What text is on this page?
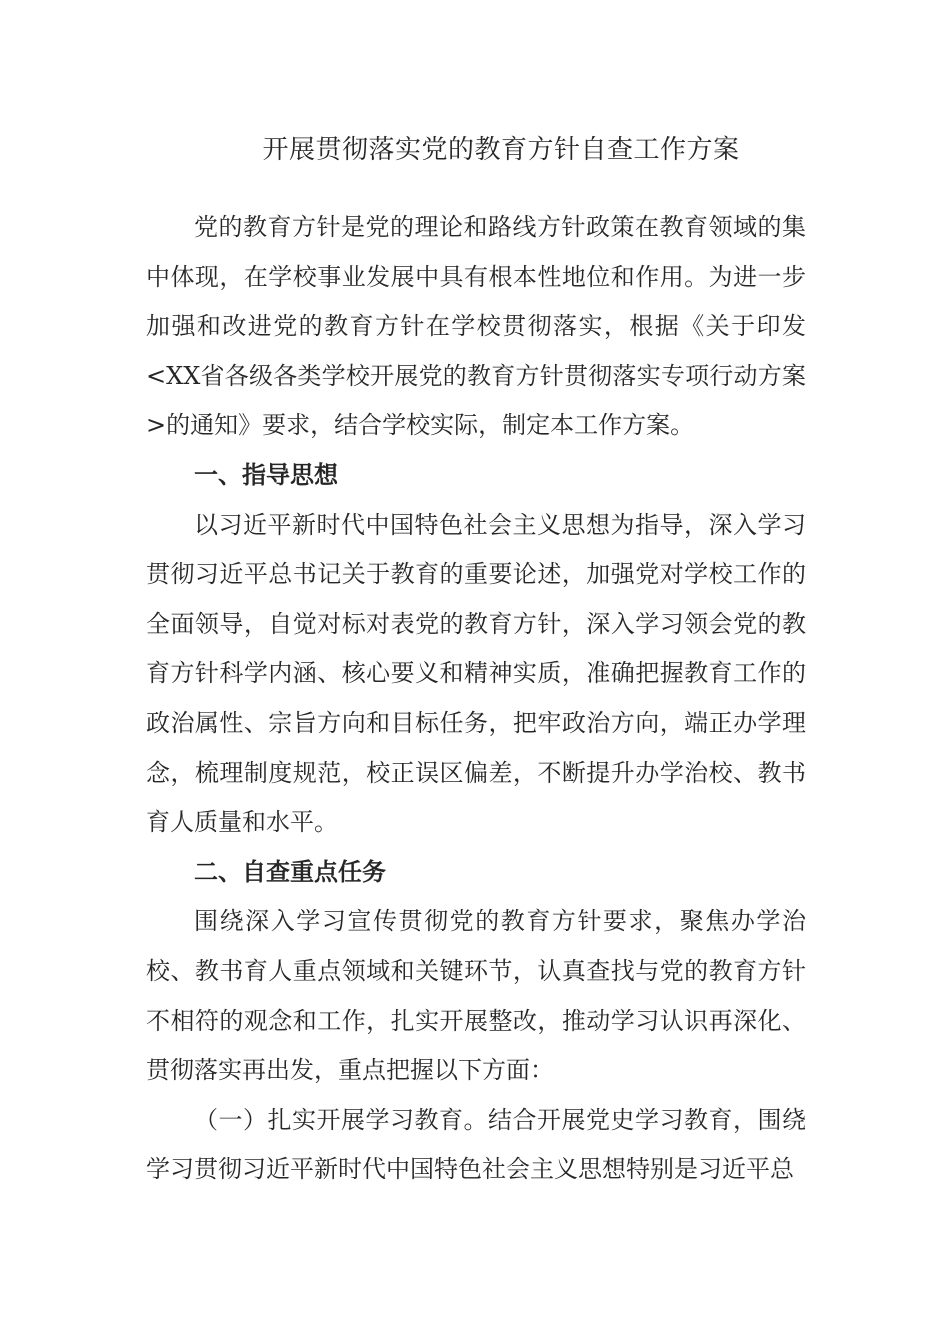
开展贯彻落实党的教育方针自查工作方案

党的教育方针是党的理论和路线方针政策在教育领域的集中体现，在学校事业发展中具有根本性地位和作用。为进一步加强和改进党的教育方针在学校贯彻落实，根据《关于印发<XX省各级各类学校开展党的教育方针贯彻落实专项行动方案>的通知》要求，结合学校实际，制定本工作方案。

一、指导思想

以习近平新时代中国特色社会主义思想为指导，深入学习贯彻习近平总书记关于教育的重要论述，加强党对学校工作的全面领导，自觉对标对表党的教育方针，深入学习领会党的教育方针科学内涵、核心要义和精神实质，准确把握教育工作的政治属性、宗旨方向和目标任务，把牢政治方向，端正办学理念，梳理制度规范，校正误区偏差，不断提升办学治校、教书育人质量和水平。

二、自查重点任务

围绕深入学习宣传贯彻党的教育方针要求，聚焦办学治校、教书育人重点领域和关键环节，认真查找与党的教育方针不相符的观念和工作，扎实开展整改，推动学习认识再深化、贯彻落实再出发，重点把握以下方面：

（一）扎实开展学习教育。结合开展党史学习教育，围绕学习贯彻习近平新时代中国特色社会主义思想特别是习近平总
